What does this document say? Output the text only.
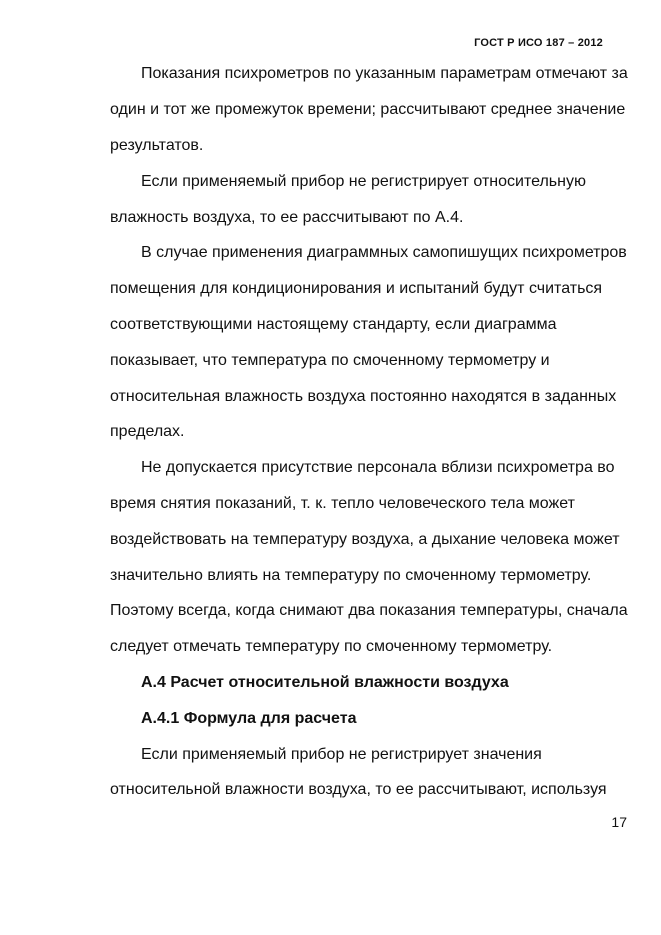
ГОСТ Р ИСО 187 – 2012
Показания психрометров по указанным параметрам отмечают за
один и тот же промежуток времени; рассчитывают среднее значение
результатов.
Если применяемый прибор не регистрирует относительную
влажность воздуха, то ее рассчитывают по А.4.
В случае применения диаграммных самопишущих психрометров
помещения для кондиционирования и испытаний будут считаться
соответствующими настоящему стандарту, если диаграмма
показывает, что температура по смоченному термометру и
относительная влажность воздуха постоянно находятся в заданных
пределах.
Не допускается присутствие персонала вблизи психрометра во
время снятия показаний, т. к. тепло человеческого тела может
воздействовать на температуру воздуха, а дыхание человека может
значительно влиять на температуру по смоченному термометру.
Поэтому всегда, когда снимают два показания температуры, сначала
следует отмечать температуру по смоченному термометру.
А.4 Расчет относительной влажности воздуха
А.4.1 Формула для расчета
Если применяемый прибор не регистрирует значения
относительной влажности воздуха, то ее рассчитывают, используя
17
